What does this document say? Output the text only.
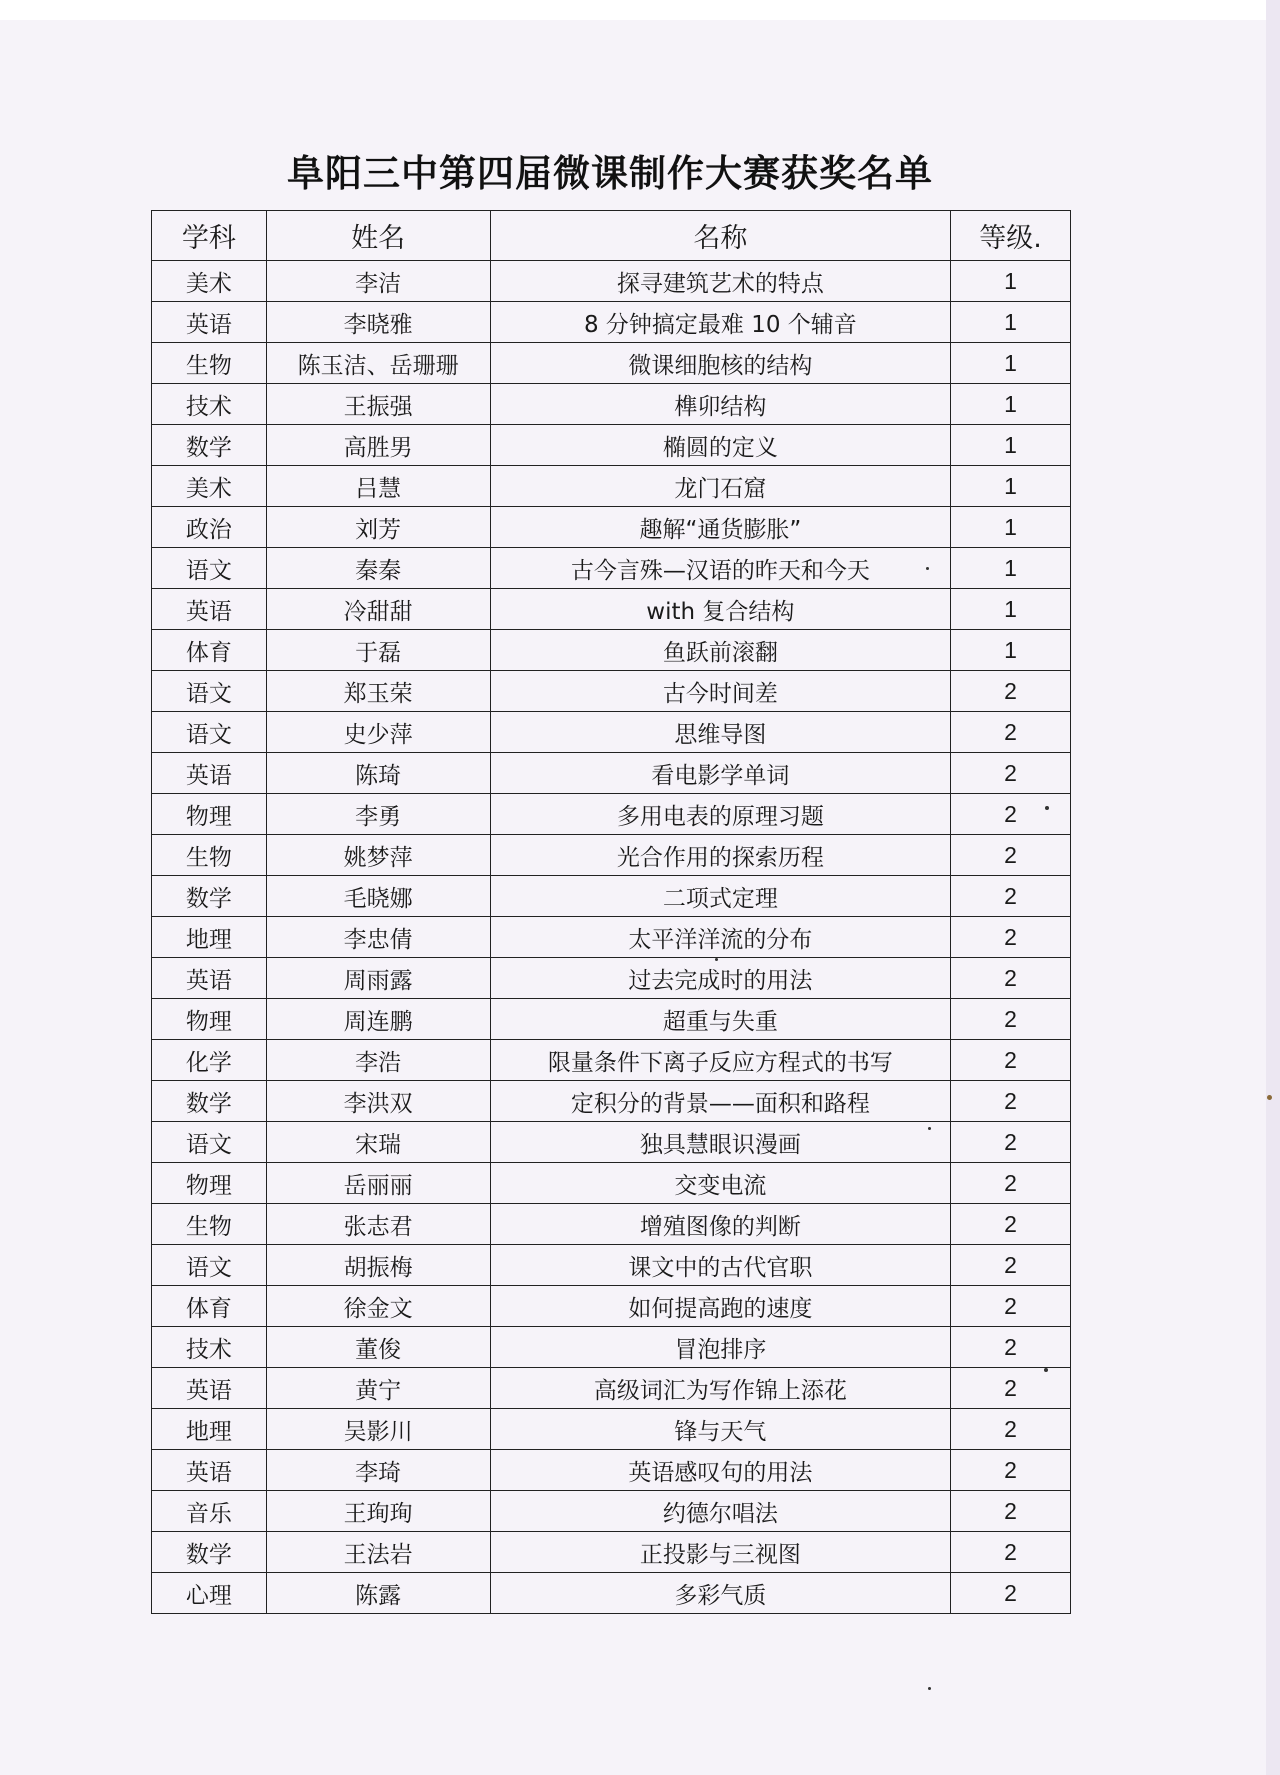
阜阳三中第四届微课制作大赛获奖名单
学科	姓名	名称	等级.
美术	李洁	探寻建筑艺术的特点	1
英语	李晓雅	8 分钟搞定最难 10 个辅音	1
生物	陈玉洁、岳珊珊	微课细胞核的结构	1
技术	王振强	榫卯结构	1
数学	高胜男	椭圆的定义	1
美术	吕慧	龙门石窟	1
政治	刘芳	趣解“通货膨胀”	1
语文	秦秦	古今言殊—汉语的昨天和今天	1
英语	冷甜甜	with 复合结构	1
体育	于磊	鱼跃前滚翻	1
语文	郑玉荣	古今时间差	2
语文	史少萍	思维导图	2
英语	陈琦	看电影学单词	2
物理	李勇	多用电表的原理习题	2
生物	姚梦萍	光合作用的探索历程	2
数学	毛晓娜	二项式定理	2
地理	李忠倩	太平洋洋流的分布	2
英语	周雨露	过去完成时的用法	2
物理	周连鹏	超重与失重	2
化学	李浩	限量条件下离子反应方程式的书写	2
数学	李洪双	定积分的背景——面积和路程	2
语文	宋瑞	独具慧眼识漫画	2
物理	岳丽丽	交变电流	2
生物	张志君	增殖图像的判断	2
语文	胡振梅	课文中的古代官职	2
体育	徐金文	如何提高跑的速度	2
技术	董俊	冒泡排序	2
英语	黄宁	高级词汇为写作锦上添花	2
地理	吴影川	锋与天气	2
英语	李琦	英语感叹句的用法	2
音乐	王珣珣	约德尔唱法	2
数学	王法岩	正投影与三视图	2
心理	陈露	多彩气质	2
